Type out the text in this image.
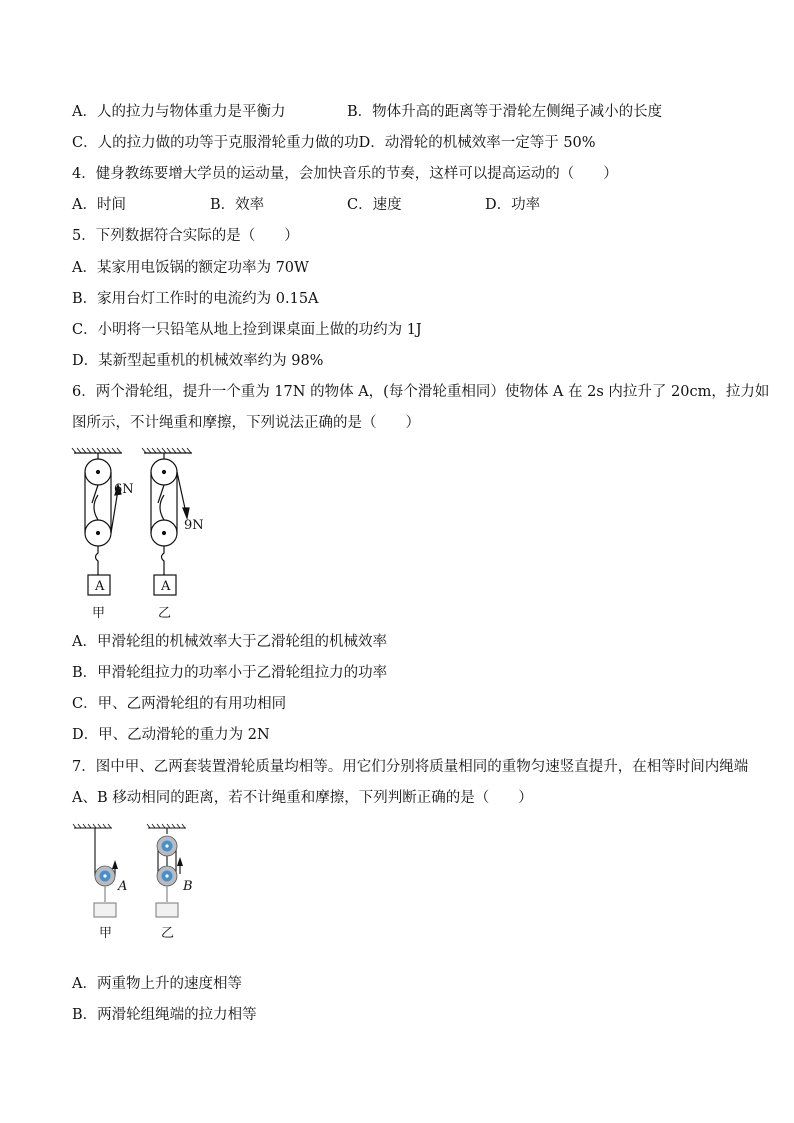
A．人的拉力与物体重力是平衡力	B．物体升高的距离等于滑轮左侧绳子减小的长度
C．人的拉力做的功等于克服滑轮重力做的功D．动滑轮的机械效率一定等于 50%
4．健身教练要增大学员的运动量，会加快音乐的节奏，这样可以提高运动的（　　）
A．时间	B．效率	C．速度	D．功率
5．下列数据符合实际的是（　　）
A．某家用电饭锅的额定功率为 70W
B．家用台灯工作时的电流约为 0.15A
C．小明将一只铅笔从地上捡到课桌面上做的功约为 1J
D．某新型起重机的机械效率约为 98%
6．两个滑轮组，提升一个重为 17N 的物体 A，(每个滑轮重相同）使物体 A 在 2s 内拉升了 20cm，拉力如
图所示，不计绳重和摩擦，下列说法正确的是（　　）
6N
A
甲
9N
A
乙
A．甲滑轮组的机械效率大于乙滑轮组的机械效率
B．甲滑轮组拉力的功率小于乙滑轮组拉力的功率
C．甲、乙两滑轮组的有用功相同
D．甲、乙动滑轮的重力为 2N
7．图中甲、乙两套装置滑轮质量均相等。用它们分别将质量相同的重物匀速竖直提升，在相等时间内绳端
A、B 移动相同的距离，若不计绳重和摩擦，下列判断正确的是（　　）
A
甲
B
乙
A．两重物上升的速度相等
B．两滑轮组绳端的拉力相等
